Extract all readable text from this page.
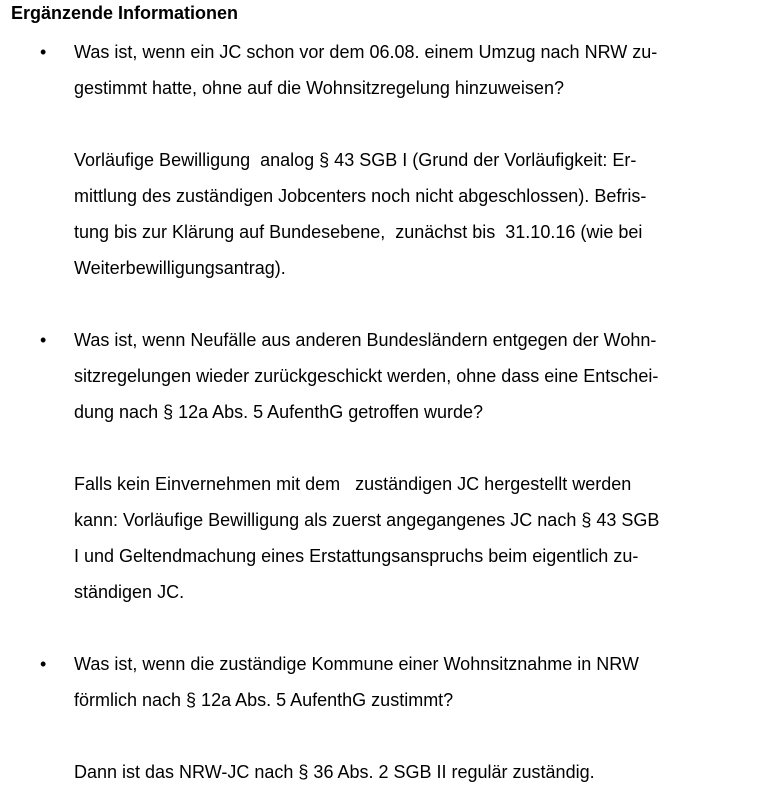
Ergänzende Informationen
• Was ist, wenn ein JC schon vor dem 06.08. einem Umzug nach NRW zu-
gestimmt hatte, ohne auf die Wohnsitzregelung hinzuweisen?
Vorläufige Bewilligung  analog § 43 SGB I (Grund der Vorläufigkeit: Er-
mittlung des zuständigen Jobcenters noch nicht abgeschlossen). Befris-
tung bis zur Klärung auf Bundesebene,  zunächst bis  31.10.16 (wie bei
Weiterbewilligungsantrag).
• Was ist, wenn Neufälle aus anderen Bundesländern entgegen der Wohn-
sitzregelungen wieder zurückgeschickt werden, ohne dass eine Entschei-
dung nach § 12a Abs. 5 AufenthG getroffen wurde?
Falls kein Einvernehmen mit dem   zuständigen JC hergestellt werden
kann: Vorläufige Bewilligung als zuerst angegangenes JC nach § 43 SGB
I und Geltendmachung eines Erstattungsanspruchs beim eigentlich zu-
ständigen JC.
• Was ist, wenn die zuständige Kommune einer Wohnsitznahme in NRW
förmlich nach § 12a Abs. 5 AufenthG zustimmt?
Dann ist das NRW-JC nach § 36 Abs. 2 SGB II regulär zuständig.
